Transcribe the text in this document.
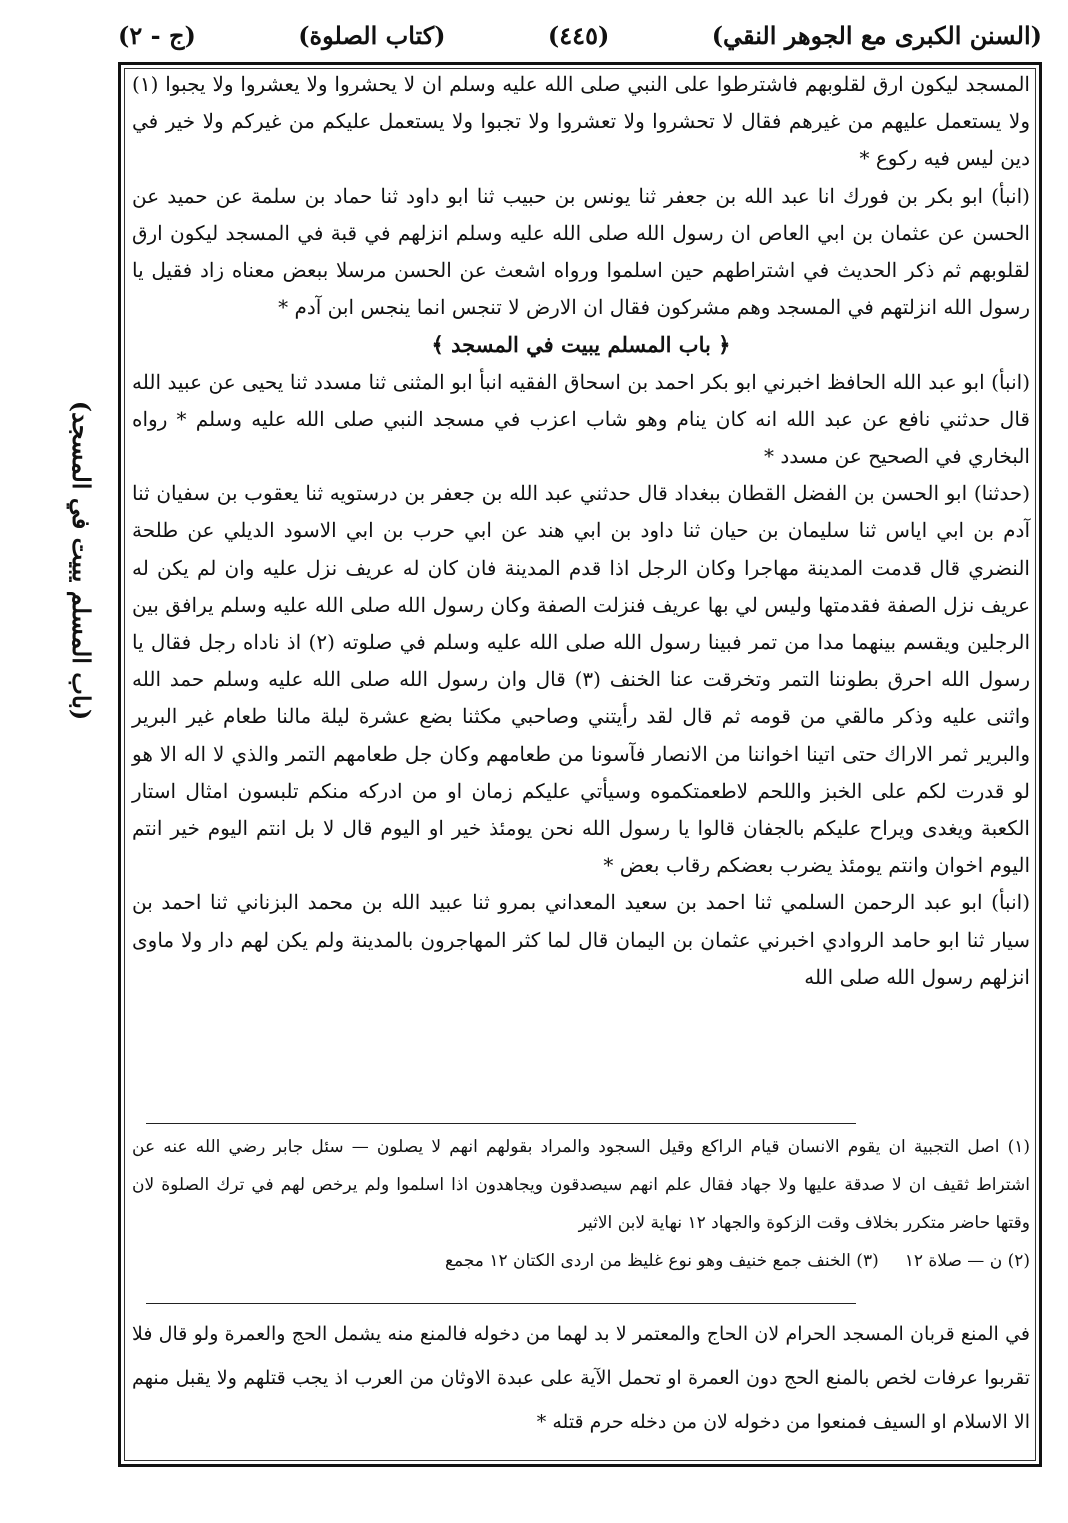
(السنن الكبرى مع الجوهر النقي)
(٤٤٥)
(كتاب الصلوة)
(ج - ٢)
(باب المسلم يبيت في المسجد)

المسجد ليكون ارق لقلوبهم فاشترطوا على النبي صلى الله عليه وسلم ان لا يحشروا ولا يعشروا ولا يجبوا (١) ولا يستعمل عليهم من غيرهم فقال لا تحشروا ولا تعشروا ولا تجبوا ولا يستعمل عليكم من غيركم ولا خير في دين ليس فيه ركوع *

(انبأ) ابو بكر بن فورك انا عبد الله بن جعفر ثنا يونس بن حبيب ثنا ابو داود ثنا حماد بن سلمة عن حميد عن الحسن عن عثمان بن ابي العاص ان رسول الله صلى الله عليه وسلم انزلهم في قبة في المسجد ليكون ارق لقلوبهم ثم ذكر الحديث في اشتراطهم حين اسلموا ورواه اشعث عن الحسن مرسلا ببعض معناه زاد فقيل يا رسول الله انزلتهم في المسجد وهم مشركون فقال ان الارض لا تنجس انما ينجس ابن آدم *

﴿ باب المسلم يبيت في المسجد ﴾

(انبأ) ابو عبد الله الحافظ اخبرني ابو بكر احمد بن اسحاق الفقيه انبأ ابو المثنى ثنا مسدد ثنا يحيى عن عبيد الله قال حدثني نافع عن عبد الله انه كان ينام وهو شاب اعزب في مسجد النبي صلى الله عليه وسلم * رواه البخاري في الصحيح عن مسدد *

(حدثنا) ابو الحسن بن الفضل القطان ببغداد قال حدثني عبد الله بن جعفر بن درستويه ثنا يعقوب بن سفيان ثنا آدم بن ابي اياس ثنا سليمان بن حيان ثنا داود بن ابي هند عن ابي حرب بن ابي الاسود الديلي عن طلحة النضري قال قدمت المدينة مهاجرا وكان الرجل اذا قدم المدينة فان كان له عريف نزل عليه وان لم يكن له عريف نزل الصفة فقدمتها وليس لي بها عريف فنزلت الصفة وكان رسول الله صلى الله عليه وسلم يرافق بين الرجلين ويقسم بينهما مدا من تمر فبينا رسول الله صلى الله عليه وسلم في صلوته (٢) اذ ناداه رجل فقال يا رسول الله احرق بطوننا التمر وتخرقت عنا الخنف (٣) قال وان رسول الله صلى الله عليه وسلم حمد الله واثنى عليه وذكر مالقي من قومه ثم قال لقد رأيتني وصاحبي مكثنا بضع عشرة ليلة مالنا طعام غير البرير والبرير ثمر الاراك حتى اتينا اخواننا من الانصار فآسونا من طعامهم وكان جل طعامهم التمر والذي لا اله الا هو لو قدرت لكم على الخبز واللحم لاطعمتكموه وسيأتي عليكم زمان او من ادركه منكم تلبسون امثال استار الكعبة ويغدى ويراح عليكم بالجفان قالوا يا رسول الله نحن يومئذ خير او اليوم قال لا بل انتم اليوم خير انتم اليوم اخوان وانتم يومئذ يضرب بعضكم رقاب بعض *

(انبأ) ابو عبد الرحمن السلمي ثنا احمد بن سعيد المعداني بمرو ثنا عبيد الله بن محمد البزناني ثنا احمد بن سيار ثنا ابو حامد الروادي اخبرني عثمان بن اليمان قال لما كثر المهاجرون بالمدينة ولم يكن لهم دار ولا ماوى انزلهم رسول الله صلى الله

(١) اصل التجبية ان يقوم الانسان قيام الراكع وقيل السجود والمراد بقولهم انهم لا يصلون — سئل جابر رضي الله عنه عن اشتراط ثقيف ان لا صدقة عليها ولا جهاد فقال علم انهم سيصدقون ويجاهدون اذا اسلموا ولم يرخص لهم في ترك الصلوة لان وقتها حاضر متكرر بخلاف وقت الزكوة والجهاد ١٢ نهاية لابن الاثير

(٢) ن — صلاة ١٢
(٣) الخنف جمع خنيف وهو نوع غليظ من اردى الكتان ١٢ مجمع

في المنع قربان المسجد الحرام لان الحاج والمعتمر لا بد لهما من دخوله فالمنع منه يشمل الحج والعمرة ولو قال فلا تقربوا عرفات لخص بالمنع الحج دون العمرة او تحمل الآية على عبدة الاوثان من العرب اذ يجب قتلهم ولا يقبل منهم الا الاسلام او السيف فمنعوا من دخوله لان من دخله حرم قتله *
